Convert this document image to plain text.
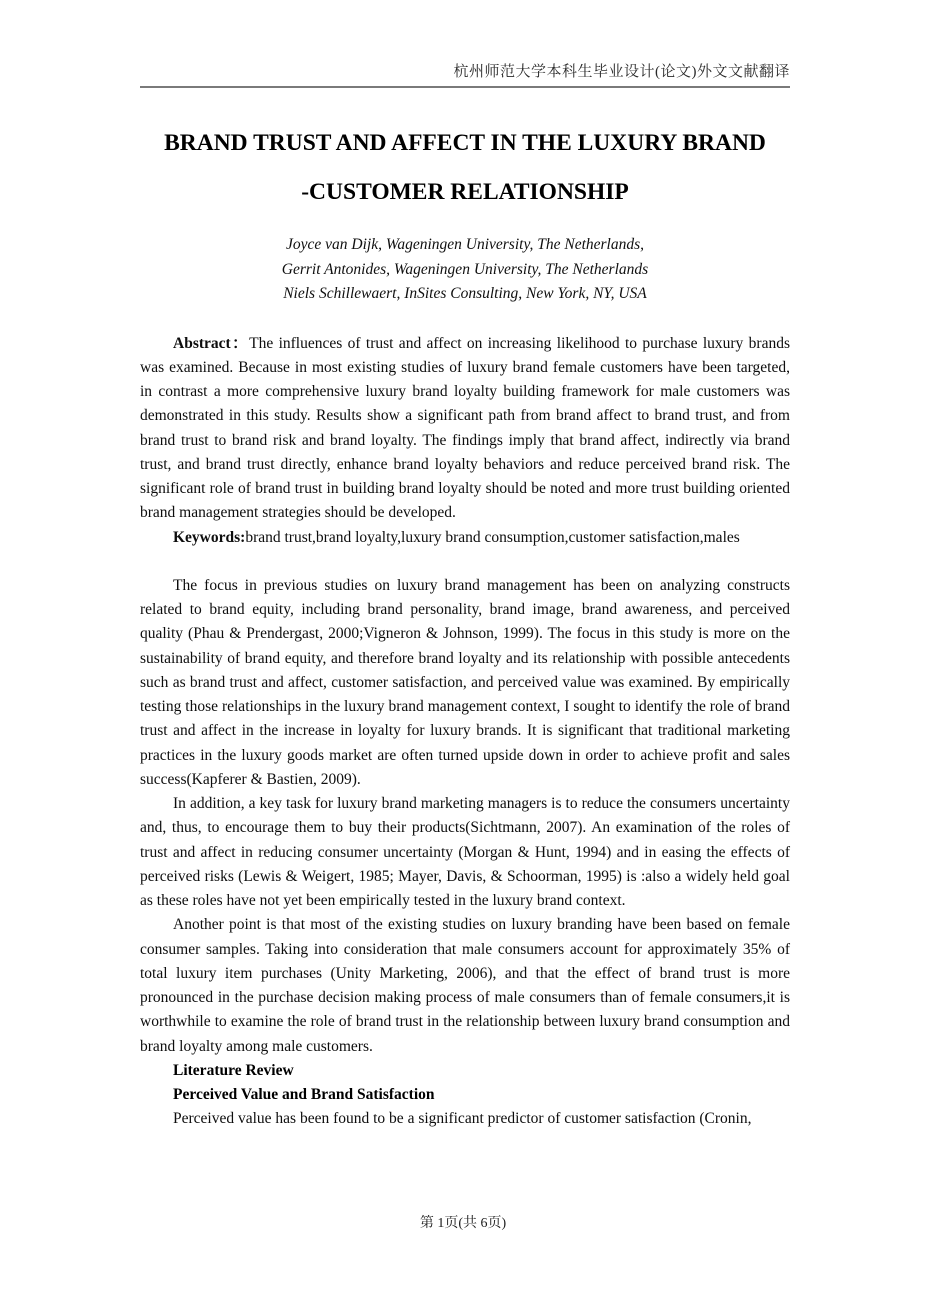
杭州师范大学本科生毕业设计(论文)外文文献翻译
BRAND TRUST AND AFFECT IN THE LUXURY BRAND
-CUSTOMER RELATIONSHIP
Joyce van Dijk, Wageningen University, The Netherlands,
Gerrit Antonides, Wageningen University, The Netherlands
Niels Schillewaert, InSites Consulting, New York, NY, USA

Abstract：The influences of trust and affect on increasing likelihood to purchase luxury brands was examined. Because in most existing studies of luxury brand female customers have been targeted, in contrast a more comprehensive luxury brand loyalty building framework for male customers was demonstrated in this study. Results show a significant path from brand affect to brand trust, and from brand trust to brand risk and brand loyalty. The findings imply that brand affect, indirectly via brand trust, and brand trust directly, enhance brand loyalty behaviors and reduce perceived brand risk. The significant role of brand trust in building brand loyalty should be noted and more trust building oriented brand management strategies should be developed.

Keywords:brand trust,brand loyalty,luxury brand consumption,customer satisfaction,males

The focus in previous studies on luxury brand management has been on analyzing constructs related to brand equity, including brand personality, brand image, brand awareness, and perceived quality (Phau & Prendergast, 2000;Vigneron & Johnson, 1999). The focus in this study is more on the sustainability of brand equity, and therefore brand loyalty and its relationship with possible antecedents such as brand trust and affect, customer satisfaction, and perceived value was examined. By empirically testing those relationships in the luxury brand management context, I sought to identify the role of brand trust and affect in the increase in loyalty for luxury brands. It is significant that traditional marketing practices in the luxury goods market are often turned upside down in order to achieve profit and sales success(Kapferer & Bastien, 2009).

In addition, a key task for luxury brand marketing managers is to reduce the consumers uncertainty and, thus, to encourage them to buy their products(Sichtmann, 2007). An examination of the roles of trust and affect in reducing consumer uncertainty (Morgan & Hunt, 1994) and in easing the effects of perceived risks (Lewis & Weigert, 1985; Mayer, Davis, & Schoorman, 1995) is :also a widely held goal as these roles have not yet been empirically tested in the luxury brand context.

Another point is that most of the existing studies on luxury branding have been based on female consumer samples. Taking into consideration that male consumers account for approximately 35% of total luxury item purchases (Unity Marketing, 2006), and that the effect of brand trust is more pronounced in the purchase decision making process of male consumers than of female consumers,it is worthwhile to examine the role of brand trust in the relationship between luxury brand consumption and brand loyalty among male customers.

Literature Review

Perceived Value and Brand Satisfaction

Perceived value has been found to be a significant predictor of customer satisfaction (Cronin,

第 1页(共 6页)
